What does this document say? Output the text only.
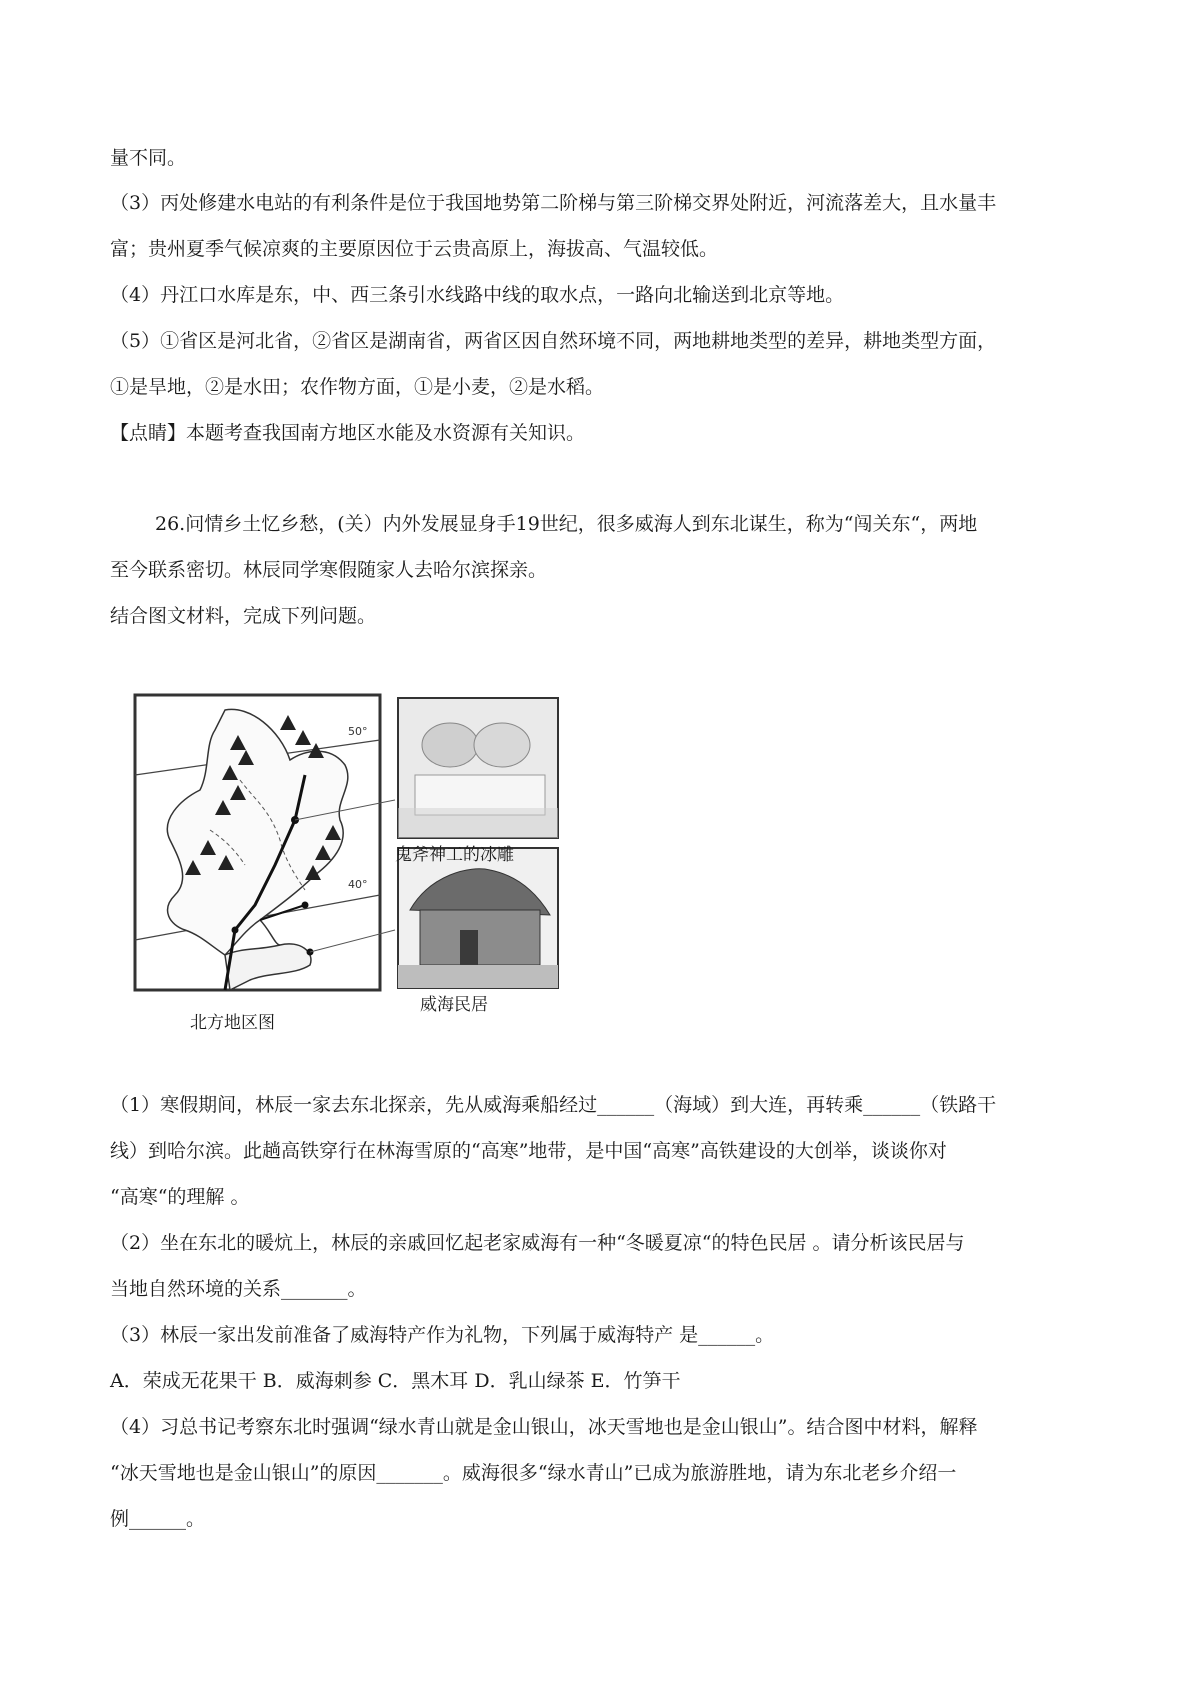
量不同。
（3）丙处修建水电站的有利条件是位于我国地势第二阶梯与第三阶梯交界处附近，河流落差大，且水量丰
富；贵州夏季气候凉爽的主要原因位于云贵高原上，海拔高、气温较低。
（4）丹江口水库是东，中、西三条引水线路中线的取水点，一路向北输送到北京等地。
（5）①省区是河北省，②省区是湖南省，两省区因自然环境不同，两地耕地类型的差异，耕地类型方面，
①是旱地，②是水田；农作物方面，①是小麦，②是水稻。
【点睛】本题考查我国南方地区水能及水资源有关知识。
26.问情乡土忆乡愁，(关）内外发展显身手19世纪，很多威海人到东北谋生，称为“闯关东“，两地
至今联系密切。林辰同学寒假随家人去哈尔滨探亲。
结合图文材料，完成下列问题。
50°
40°
鬼斧神工的冰雕
威海民居
北方地区图
（1）寒假期间，林辰一家去东北探亲，先从威海乘船经过______（海域）到大连，再转乘______（铁路干
线）到哈尔滨。此趟高铁穿行在林海雪原的“高寒”地带，是中国“高寒”高铁建设的大创举，谈谈你对
“高寒“的理解 。
（2）坐在东北的暖炕上，林辰的亲戚回忆起老家威海有一种“冬暖夏凉“的特色民居 。请分析该民居与
当地自然环境的关系_______。
（3）林辰一家出发前准备了威海特产作为礼物，下列属于威海特产 是______。
A．荣成无花果干 B．威海刺参 C．黑木耳 D．乳山绿茶 E．竹笋干
（4）习总书记考察东北时强调“绿水青山就是金山银山，冰天雪地也是金山银山”。结合图中材料，解释
“冰天雪地也是金山银山”的原因_______。威海很多“绿水青山”已成为旅游胜地，请为东北老乡介绍一
例______。
